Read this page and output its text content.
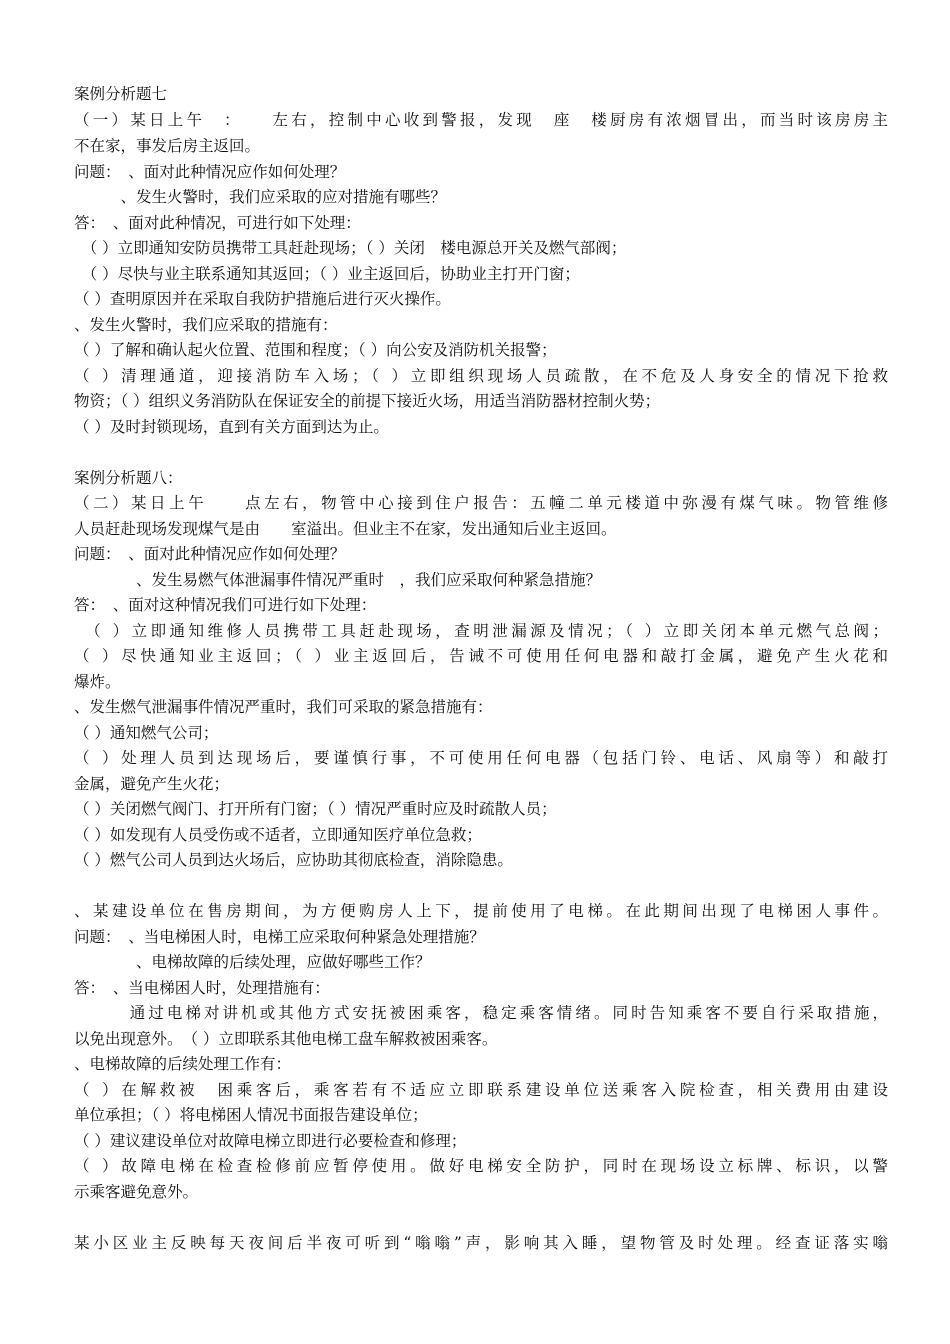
案例分析题七
（一）某日上午　：　　左右，控制中心收到警报，发现　座　楼厨房有浓烟冒出，而当时该房房主
不在家，事发后房主返回。
问题：　、面对此种情况应作如何处理？
　　　、发生火警时，我们应采取的应对措施有哪些？
答：　、面对此种情况，可进行如下处理：
　（ ）立即通知安防员携带工具赶赴现场；（ ）关闭　楼电源总开关及燃气部阀；
　（ ）尽快与业主联系通知其返回；（ ）业主返回后，协助业主打开门窗；
（ ）查明原因并在采取自我防护措施后进行灭火操作。
、发生火警时，我们应采取的措施有：
（ ）了解和确认起火位置、范围和程度；（ ）向公安及消防机关报警；
（ ）清理通道，迎接消防车入场；（ ）立即组织现场人员疏散，在不危及人身安全的情况下抢救
物资；（ ）组织义务消防队在保证安全的前提下接近火场，用适当消防器材控制火势；
（ ）及时封锁现场，直到有关方面到达为止。
案例分析题八：
（二）某日上午　　点左右，物管中心接到住户报告：五幢二单元楼道中弥漫有煤气味。物管维修
人员赶赴现场发现煤气是由　　室溢出。但业主不在家，发出通知后业主返回。
问题：　、面对此种情况应作如何处理？
　　　　、发生易燃气体泄漏事件情况严重时　，我们应采取何种紧急措施？
答：　、面对这种情况我们可进行如下处理：
　（ ）立即通知维修人员携带工具赶赴现场，查明泄漏源及情况；（ ）立即关闭本单元燃气总阀；
（ ）尽快通知业主返回；（ ）业主返回后，告诫不可使用任何电器和敲打金属，避免产生火花和
爆炸。
、发生燃气泄漏事件情况严重时，我们可采取的紧急措施有：
（ ）通知燃气公司；
（ ）处理人员到达现场后，要谨慎行事，不可使用任何电器（包括门铃、电话、风扇等）和敲打
金属，避免产生火花；
（ ）关闭燃气阀门、打开所有门窗；（ ）情况严重时应及时疏散人员；
（ ）如发现有人员受伤或不适者，立即通知医疗单位急救；
（ ）燃气公司人员到达火场后，应协助其彻底检查，消除隐患。
、某建设单位在售房期间，为方便购房人上下，提前使用了电梯。在此期间出现了电梯困人事件。
问题：　、当电梯困人时，电梯工应采取何种紧急处理措施？
　　　　、电梯故障的后续处理，应做好哪些工作？
答：　、当电梯困人时，处理措施有：
　　　通过电梯对讲机或其他方式安抚被困乘客，稳定乘客情绪。同时告知乘客不要自行采取措施，
以免出现意外。　（ ）立即联系其他电梯工盘车解救被困乘客。
、电梯故障的后续处理工作有：
（ ）在解救被　困乘客后，乘客若有不适应立即联系建设单位送乘客入院检查，相关费用由建设
单位承担；（ ）将电梯困人情况书面报告建设单位；
（ ）建议建设单位对故障电梯立即进行必要检查和修理；
（ ）故障电梯在检查检修前应暂停使用。做好电梯安全防护，同时在现场设立标牌、标识，以警
示乘客避免意外。
某小区业主反映每天夜间后半夜可听到“嗡嗡”声，影响其入睡，望物管及时处理。经查证落实嗡
